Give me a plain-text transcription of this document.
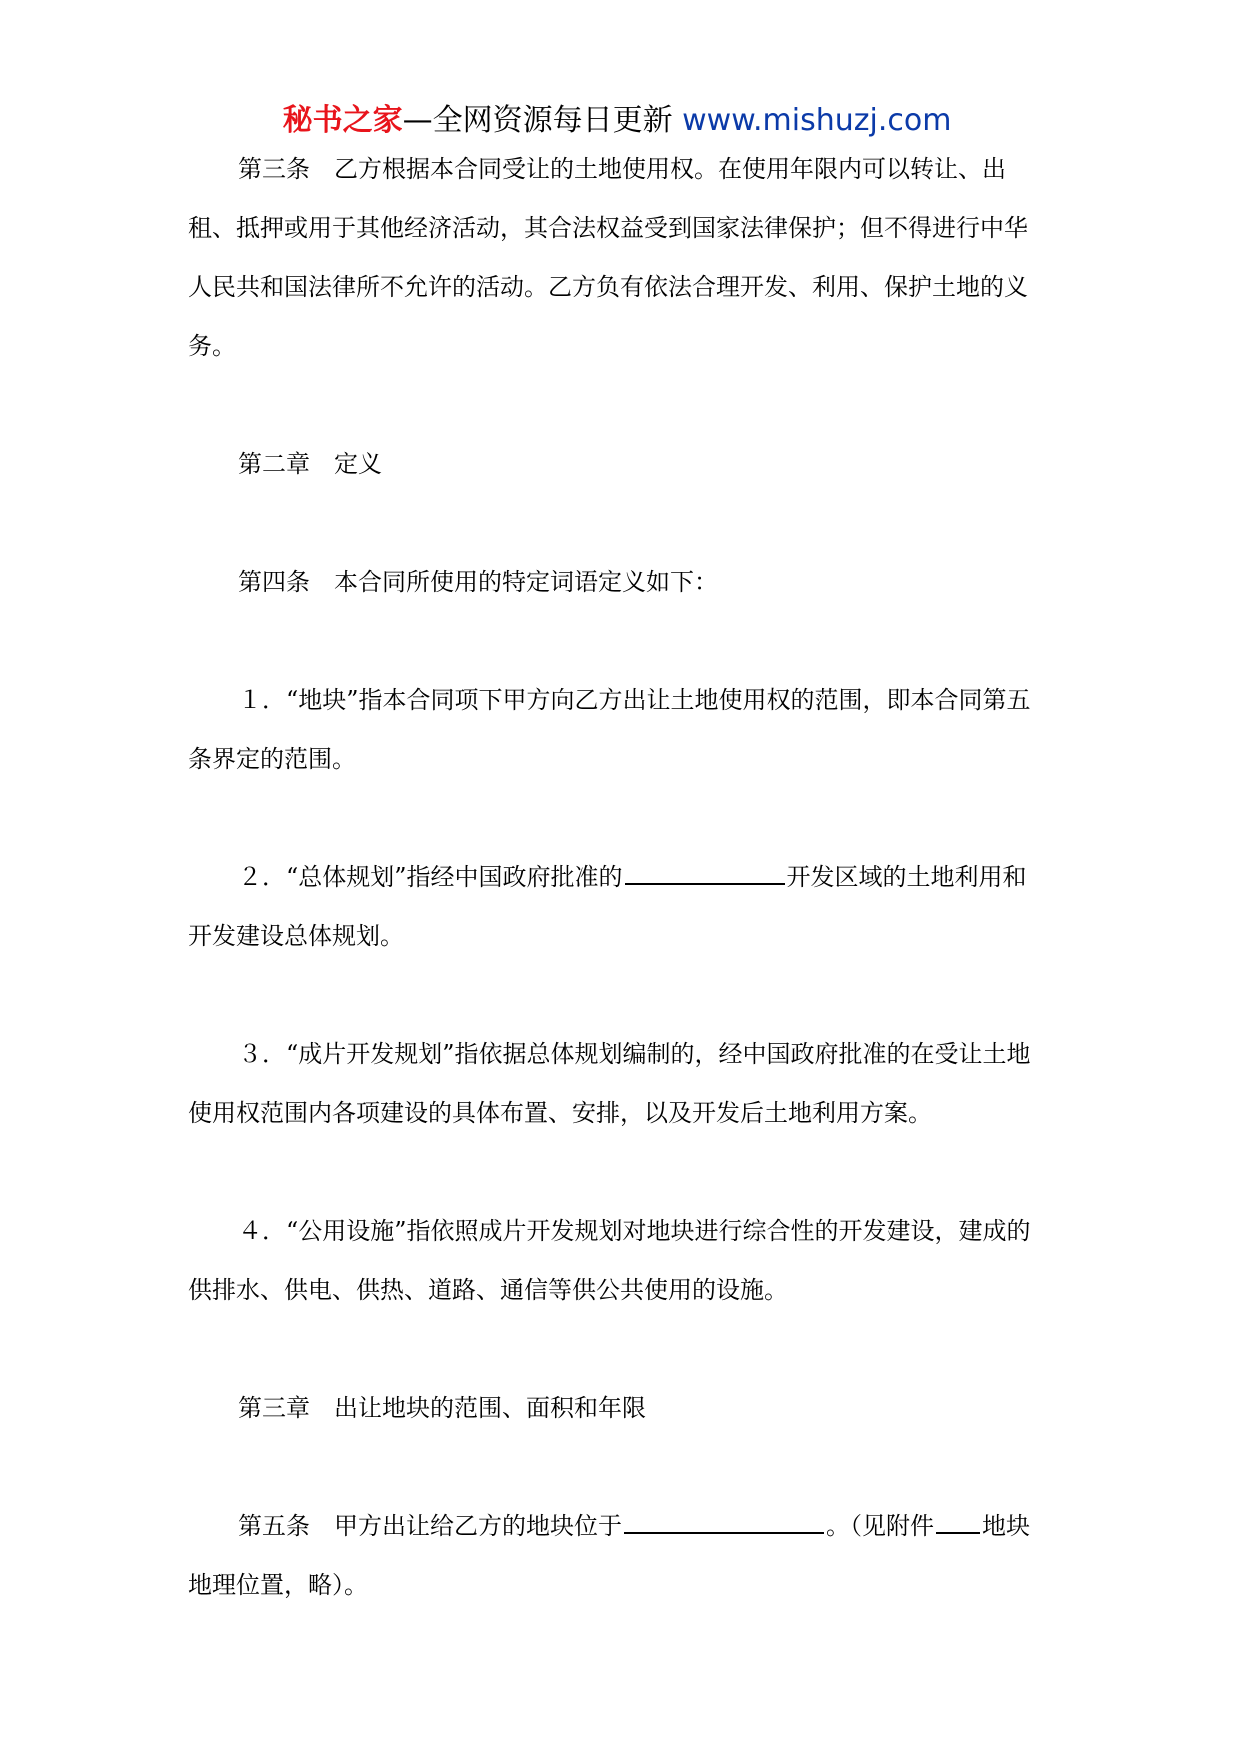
秘书之家—全网资源每日更新 www.mishuzj.com

第三条  乙方根据本合同受让的土地使用权。在使用年限内可以转让、出租、抵押或用于其他经济活动，其合法权益受到国家法律保护；但不得进行中华人民共和国法律所不允许的活动。乙方负有依法合理开发、利用、保护土地的义务。

第二章  定义

第四条  本合同所使用的特定词语定义如下：

１．“地块”指本合同项下甲方向乙方出让土地使用权的范围，即本合同第五条界定的范围。

２．“总体规划”指经中国政府批准的	开发区域的土地利用和开发建设总体规划。

３．“成片开发规划”指依据总体规划编制的，经中国政府批准的在受让土地使用权范围内各项建设的具体布置、安排，以及开发后土地利用方案。

４．“公用设施”指依照成片开发规划对地块进行综合性的开发建设，建成的供排水、供电、供热、道路、通信等供公共使用的设施。

第三章  出让地块的范围、面积和年限

第五条  甲方出让给乙方的地块位于	。（见附件 地块地理位置，略）。
